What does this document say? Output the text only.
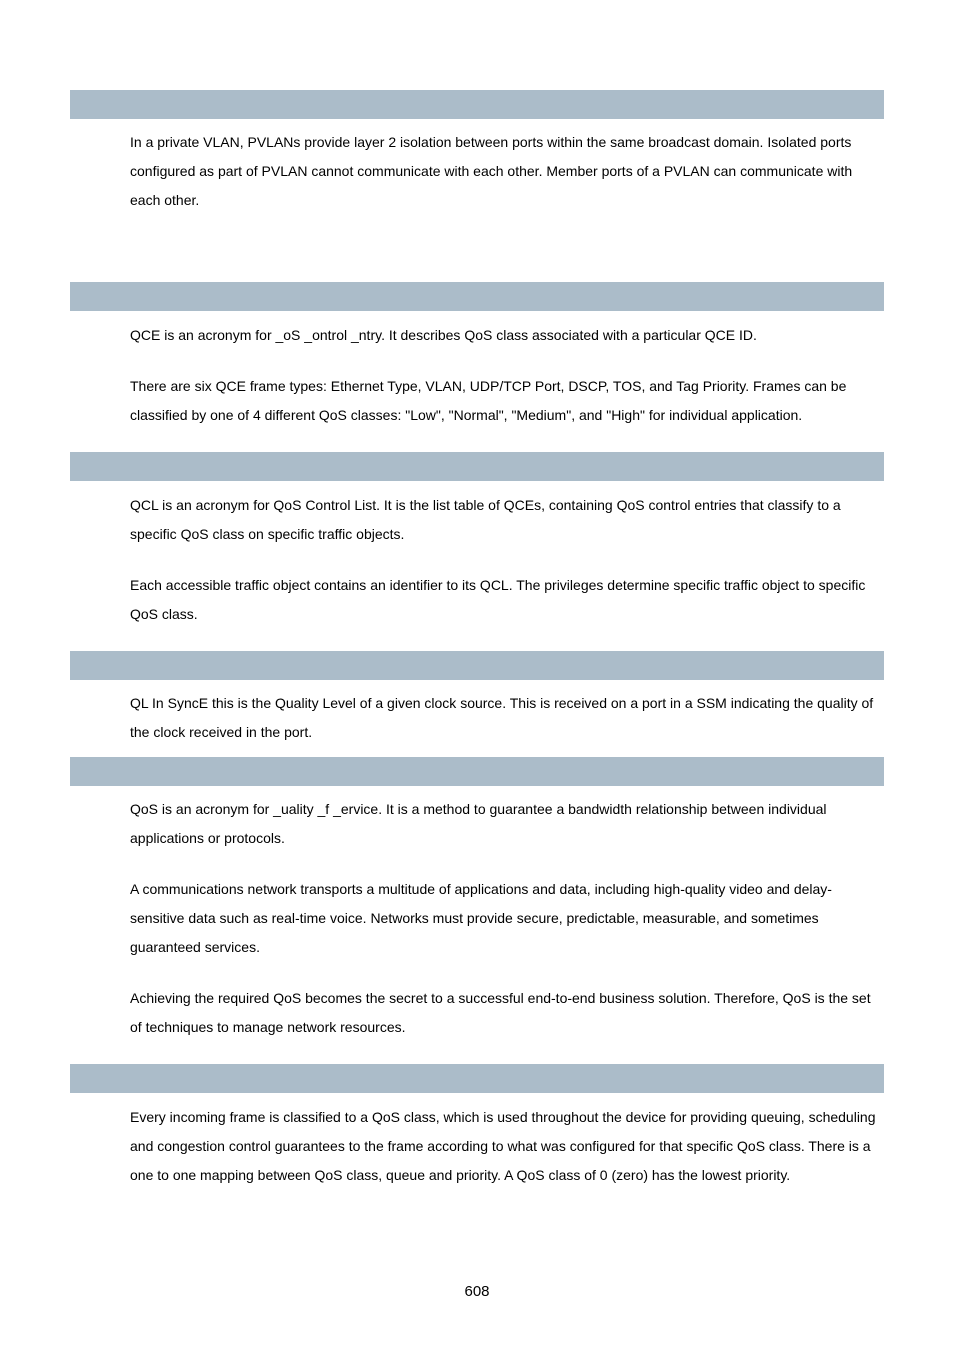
In a private VLAN, PVLANs provide layer 2 isolation between ports within the same broadcast domain. Isolated ports configured as part of PVLAN cannot communicate with each other. Member ports of a PVLAN can communicate with each other.

QCE is an acronym for _oS _ontrol _ntry. It describes QoS class associated with a particular QCE ID.

There are six QCE frame types: Ethernet Type, VLAN, UDP/TCP Port, DSCP, TOS, and Tag Priority. Frames can be classified by one of 4 different QoS classes: "Low", "Normal", "Medium", and "High" for individual application.

QCL is an acronym for QoS Control List. It is the list table of QCEs, containing QoS control entries that classify to a specific QoS class on specific traffic objects.

Each accessible traffic object contains an identifier to its QCL. The privileges determine specific traffic object to specific QoS class.

QL In SyncE this is the Quality Level of a given clock source. This is received on a port in a SSM indicating the quality of the clock received in the port.

QoS is an acronym for _uality _f _ervice. It is a method to guarantee a bandwidth relationship between individual applications or protocols.

A communications network transports a multitude of applications and data, including high-quality video and delay-sensitive data such as real-time voice. Networks must provide secure, predictable, measurable, and sometimes guaranteed services.

Achieving the required QoS becomes the secret to a successful end-to-end business solution. Therefore, QoS is the set of techniques to manage network resources.

Every incoming frame is classified to a QoS class, which is used throughout the device for providing queuing, scheduling and congestion control guarantees to the frame according to what was configured for that specific QoS class. There is a one to one mapping between QoS class, queue and priority. A QoS class of 0 (zero) has the lowest priority.

608
